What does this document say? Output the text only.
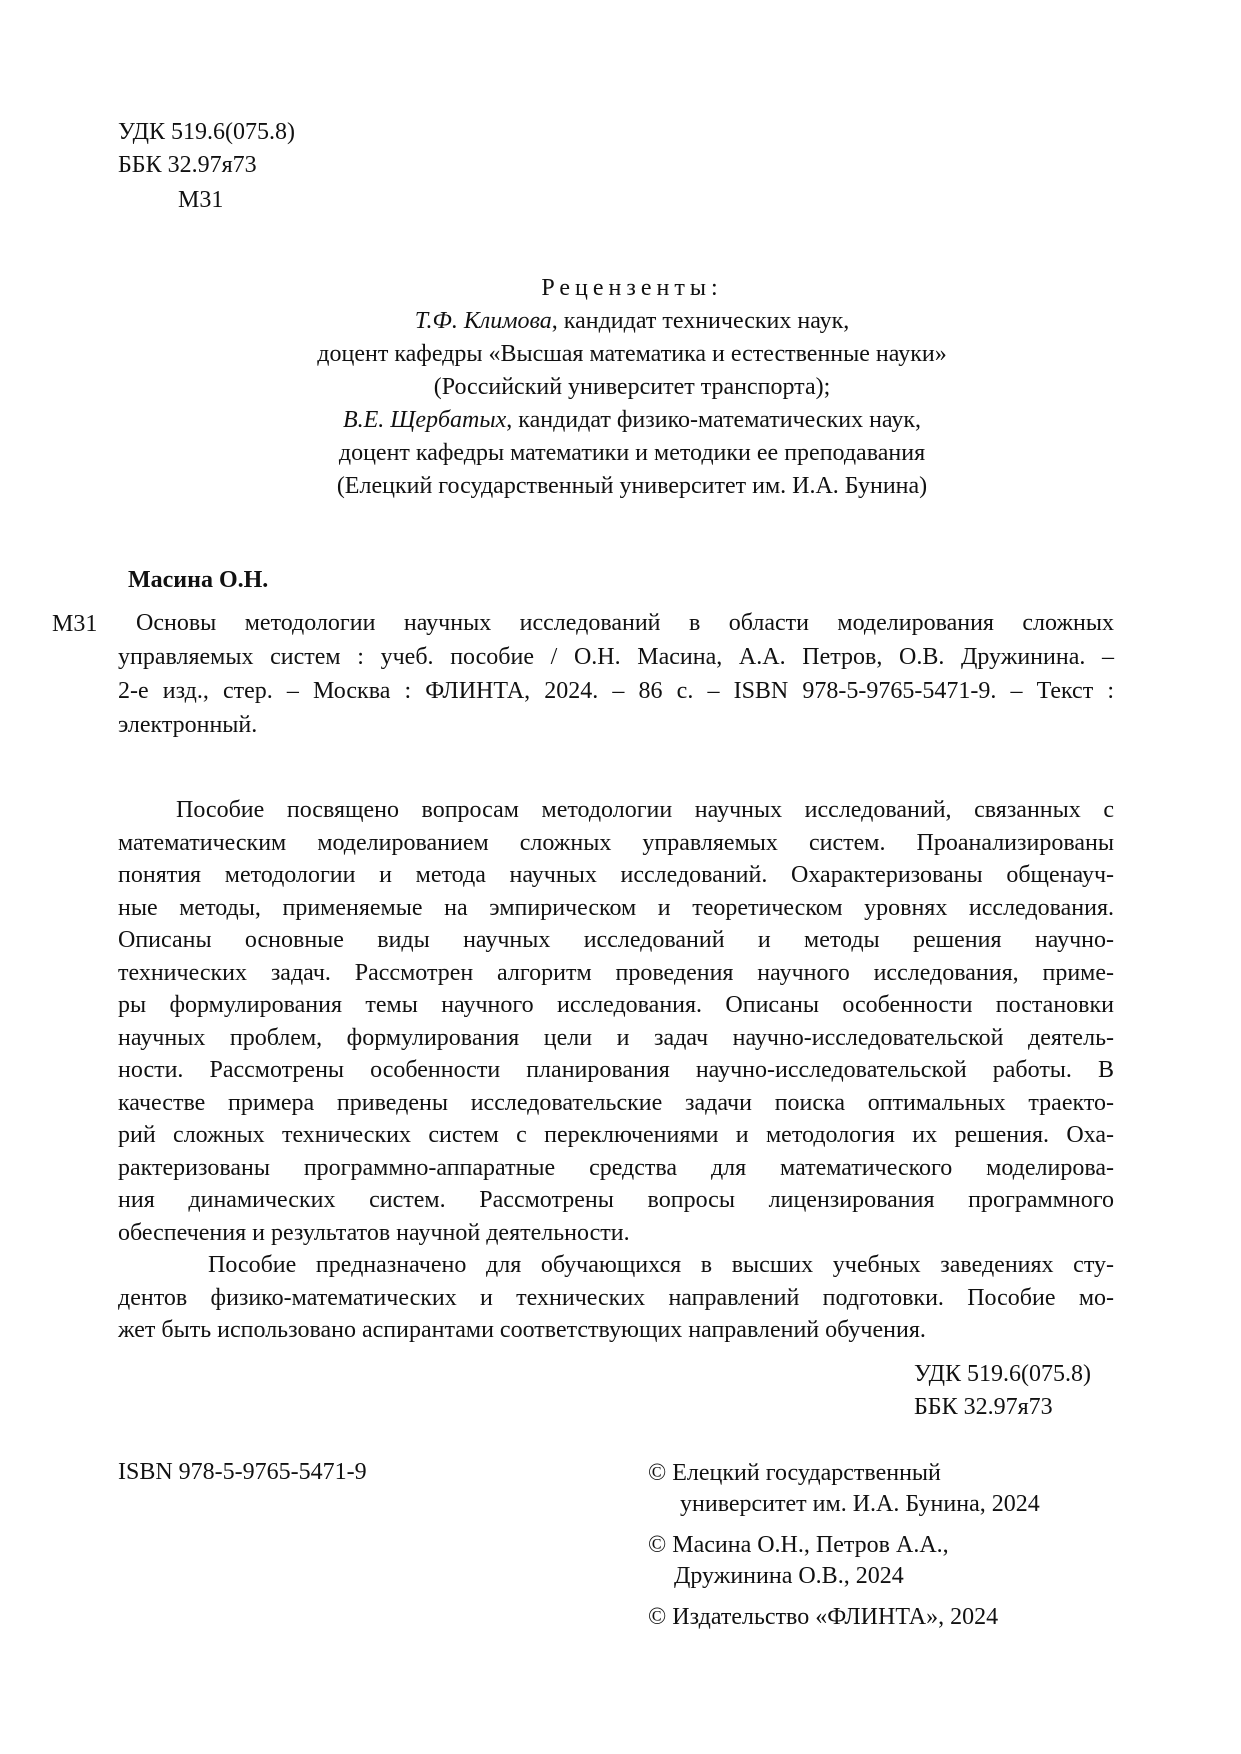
УДК 519.6(075.8)
ББК 32.97я73
М31
Рецензенты:
Т.Ф. Климова, кандидат технических наук,
доцент кафедры «Высшая математика и естественные науки»
(Российский университет транспорта);
В.Е. Щербатых, кандидат физико-математических наук,
доцент кафедры математики и методики ее преподавания
(Елецкий государственный университет им. И.А. Бунина)
Масина О.Н.
М31	Основы методологии научных исследований в области моделирования сложных
управляемых систем : учеб. пособие / О.Н. Масина, А.А. Петров, О.В. Дружинина. –
2-е изд., стер. – Москва : ФЛИНТА, 2024. – 86 с. – ISBN 978-5-9765-5471-9. – Текст :
электронный.
Пособие посвящено вопросам методологии научных исследований, связанных с
математическим моделированием сложных управляемых систем. Проанализированы
понятия методологии и метода научных исследований. Охарактеризованы общенауч-
ные методы, применяемые на эмпирическом и теоретическом уровнях исследования.
Описаны основные виды научных исследований и методы решения научно-
технических задач. Рассмотрен алгоритм проведения научного исследования, приме-
ры формулирования темы научного исследования. Описаны особенности постановки
научных проблем, формулирования цели и задач научно-исследовательской деятель-
ности. Рассмотрены особенности планирования научно-исследовательской работы. В
качестве примера приведены исследовательские задачи поиска оптимальных траекто-
рий сложных технических систем с переключениями и методология их решения. Оха-
рактеризованы программно-аппаратные средства для математического моделирова-
ния динамических систем. Рассмотрены вопросы лицензирования программного
обеспечения и результатов научной деятельности.
Пособие предназначено для обучающихся в высших учебных заведениях сту-
дентов физико-математических и технических направлений подготовки. Пособие мо-
жет быть использовано аспирантами соответствующих направлений обучения.
УДК 519.6(075.8)
ББК 32.97я73
ISBN 978-5-9765-5471-9	© Елецкий государственный
университет им. И.А. Бунина, 2024
© Масина О.Н., Петров А.А.,
Дружинина О.В., 2024
© Издательство «ФЛИНТА», 2024
